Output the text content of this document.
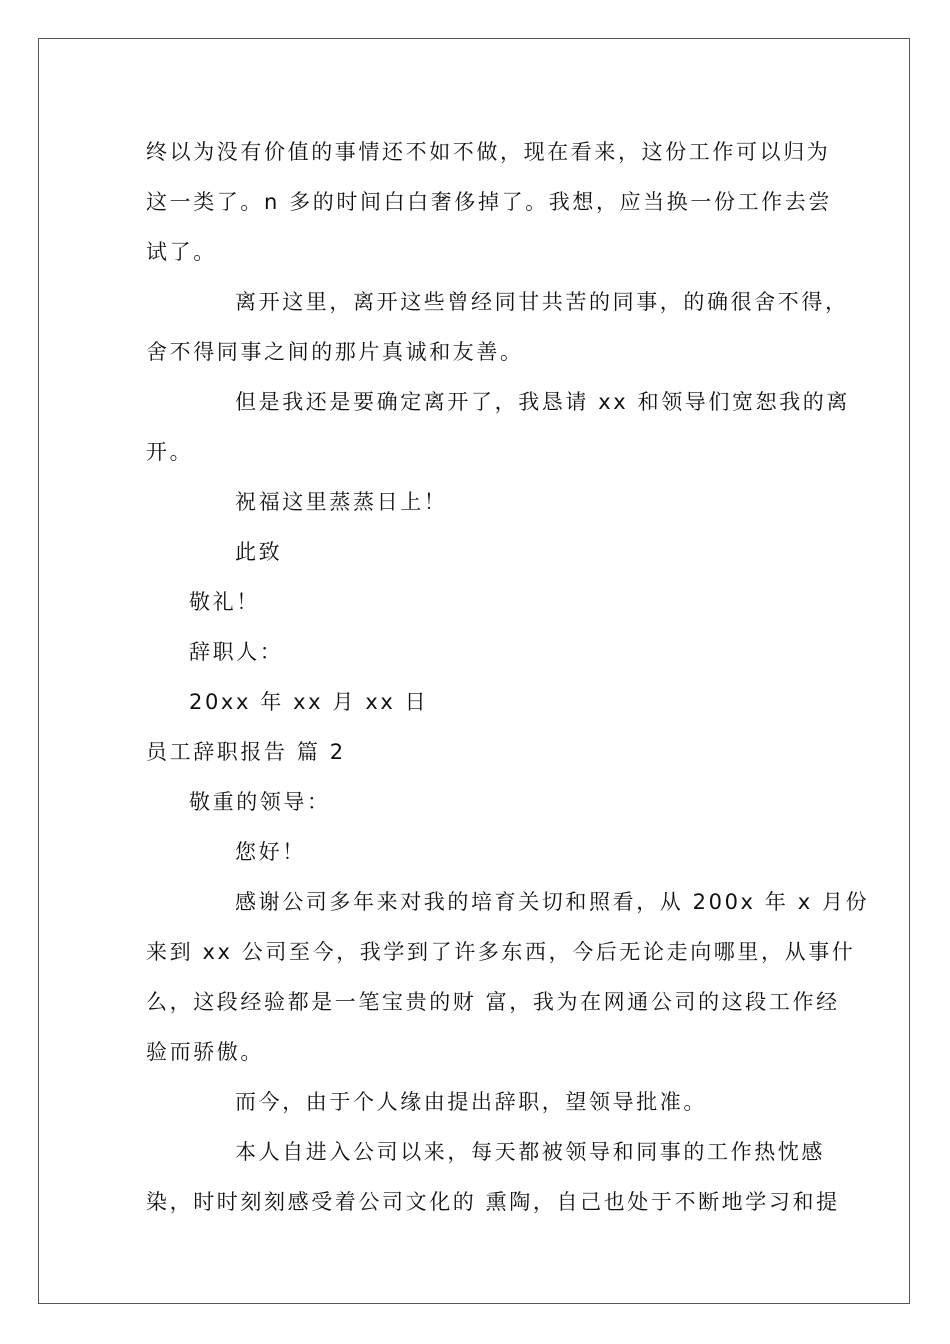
终以为没有价值的事情还不如不做，现在看来，这份工作可以归为
这一类了。n 多的时间白白奢侈掉了。我想，应当换一份工作去尝
试了。
离开这里，离开这些曾经同甘共苦的同事，的确很舍不得，
舍不得同事之间的那片真诚和友善。
但是我还是要确定离开了，我恳请 xx 和领导们宽恕我的离
开。
祝福这里蒸蒸日上！
此致
敬礼！
辞职人：
20xx 年 xx 月 xx 日
员工辞职报告 篇 2
敬重的领导：
您好！
感谢公司多年来对我的培育关切和照看，从 200x 年 x 月份
来到 xx 公司至今，我学到了许多东西，今后无论走向哪里，从事什
么，这段经验都是一笔宝贵的财 富，我为在网通公司的这段工作经
验而骄傲。
而今，由于个人缘由提出辞职，望领导批准。
本人自进入公司以来，每天都被领导和同事的工作热忱感
染，时时刻刻感受着公司文化的 熏陶，自己也处于不断地学习和提
